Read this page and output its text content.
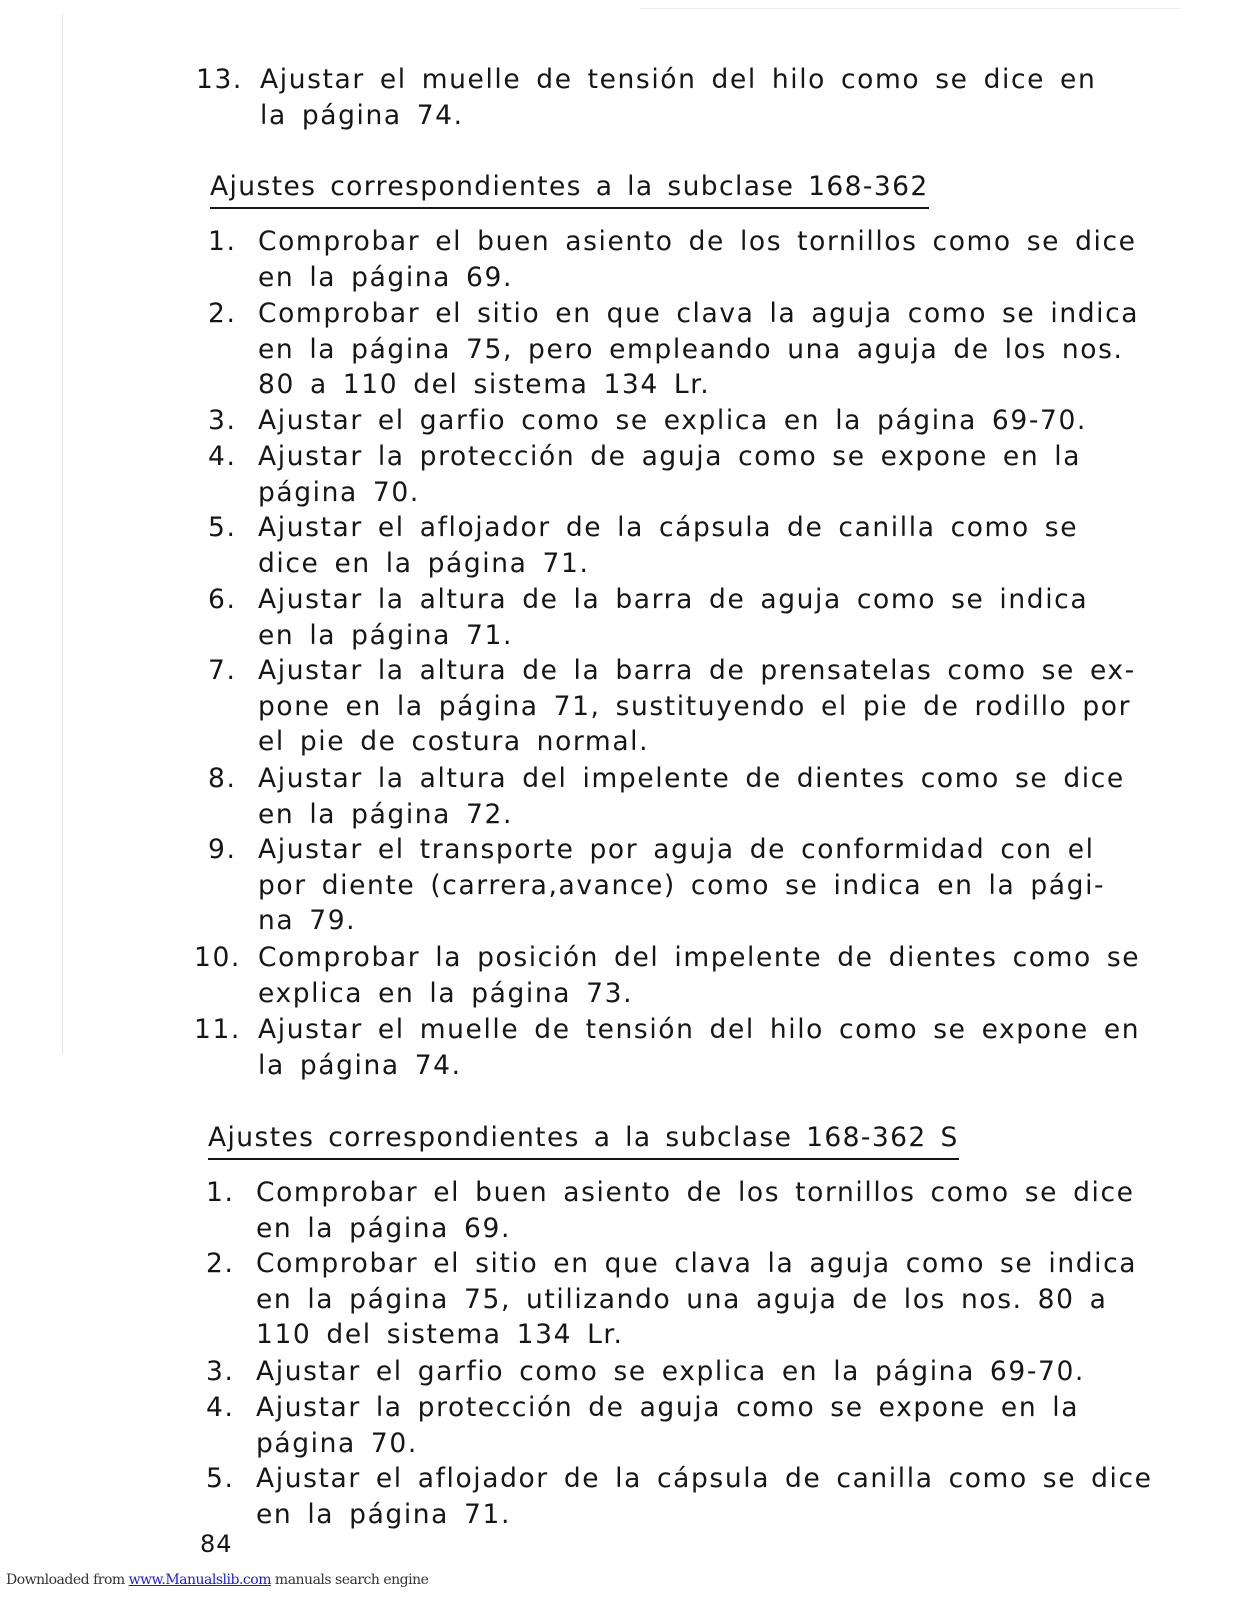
13. Ajustar el muelle de tensión del hilo como se dice en
la página 74.
Ajustes correspondientes a la subclase 168-362
1. Comprobar el buen asiento de los tornillos como se dice
en la página 69.
2. Comprobar el sitio en que clava la aguja como se indica
en la página 75, pero empleando una aguja de los nos.
80 a 110 del sistema 134 Lr.
3. Ajustar el garfio como se explica en la página 69-70.
4. Ajustar la protección de aguja como se expone en la
página 70.
5. Ajustar el aflojador de la cápsula de canilla como se
dice en la página 71.
6. Ajustar la altura de la barra de aguja como se indica
en la página 71.
7. Ajustar la altura de la barra de prensatelas como se ex-
pone en la página 71, sustituyendo el pie de rodillo por
el pie de costura normal.
8. Ajustar la altura del impelente de dientes como se dice
en la página 72.
9. Ajustar el transporte por aguja de conformidad con el
por diente (carrera,avance) como se indica en la pági-
na 79.
10. Comprobar la posición del impelente de dientes como se
explica en la página 73.
11. Ajustar el muelle de tensión del hilo como se expone en
la página 74.
Ajustes correspondientes a la subclase 168-362 S
1. Comprobar el buen asiento de los tornillos como se dice
en la página 69.
2. Comprobar el sitio en que clava la aguja como se indica
en la página 75, utilizando una aguja de los nos. 80 a
110 del sistema 134 Lr.
3. Ajustar el garfio como se explica en la página 69-70.
4. Ajustar la protección de aguja como se expone en la
página 70.
5. Ajustar el aflojador de la cápsula de canilla como se dice
en la página 71.
84
Downloaded from www.Manualslib.com manuals search engine
